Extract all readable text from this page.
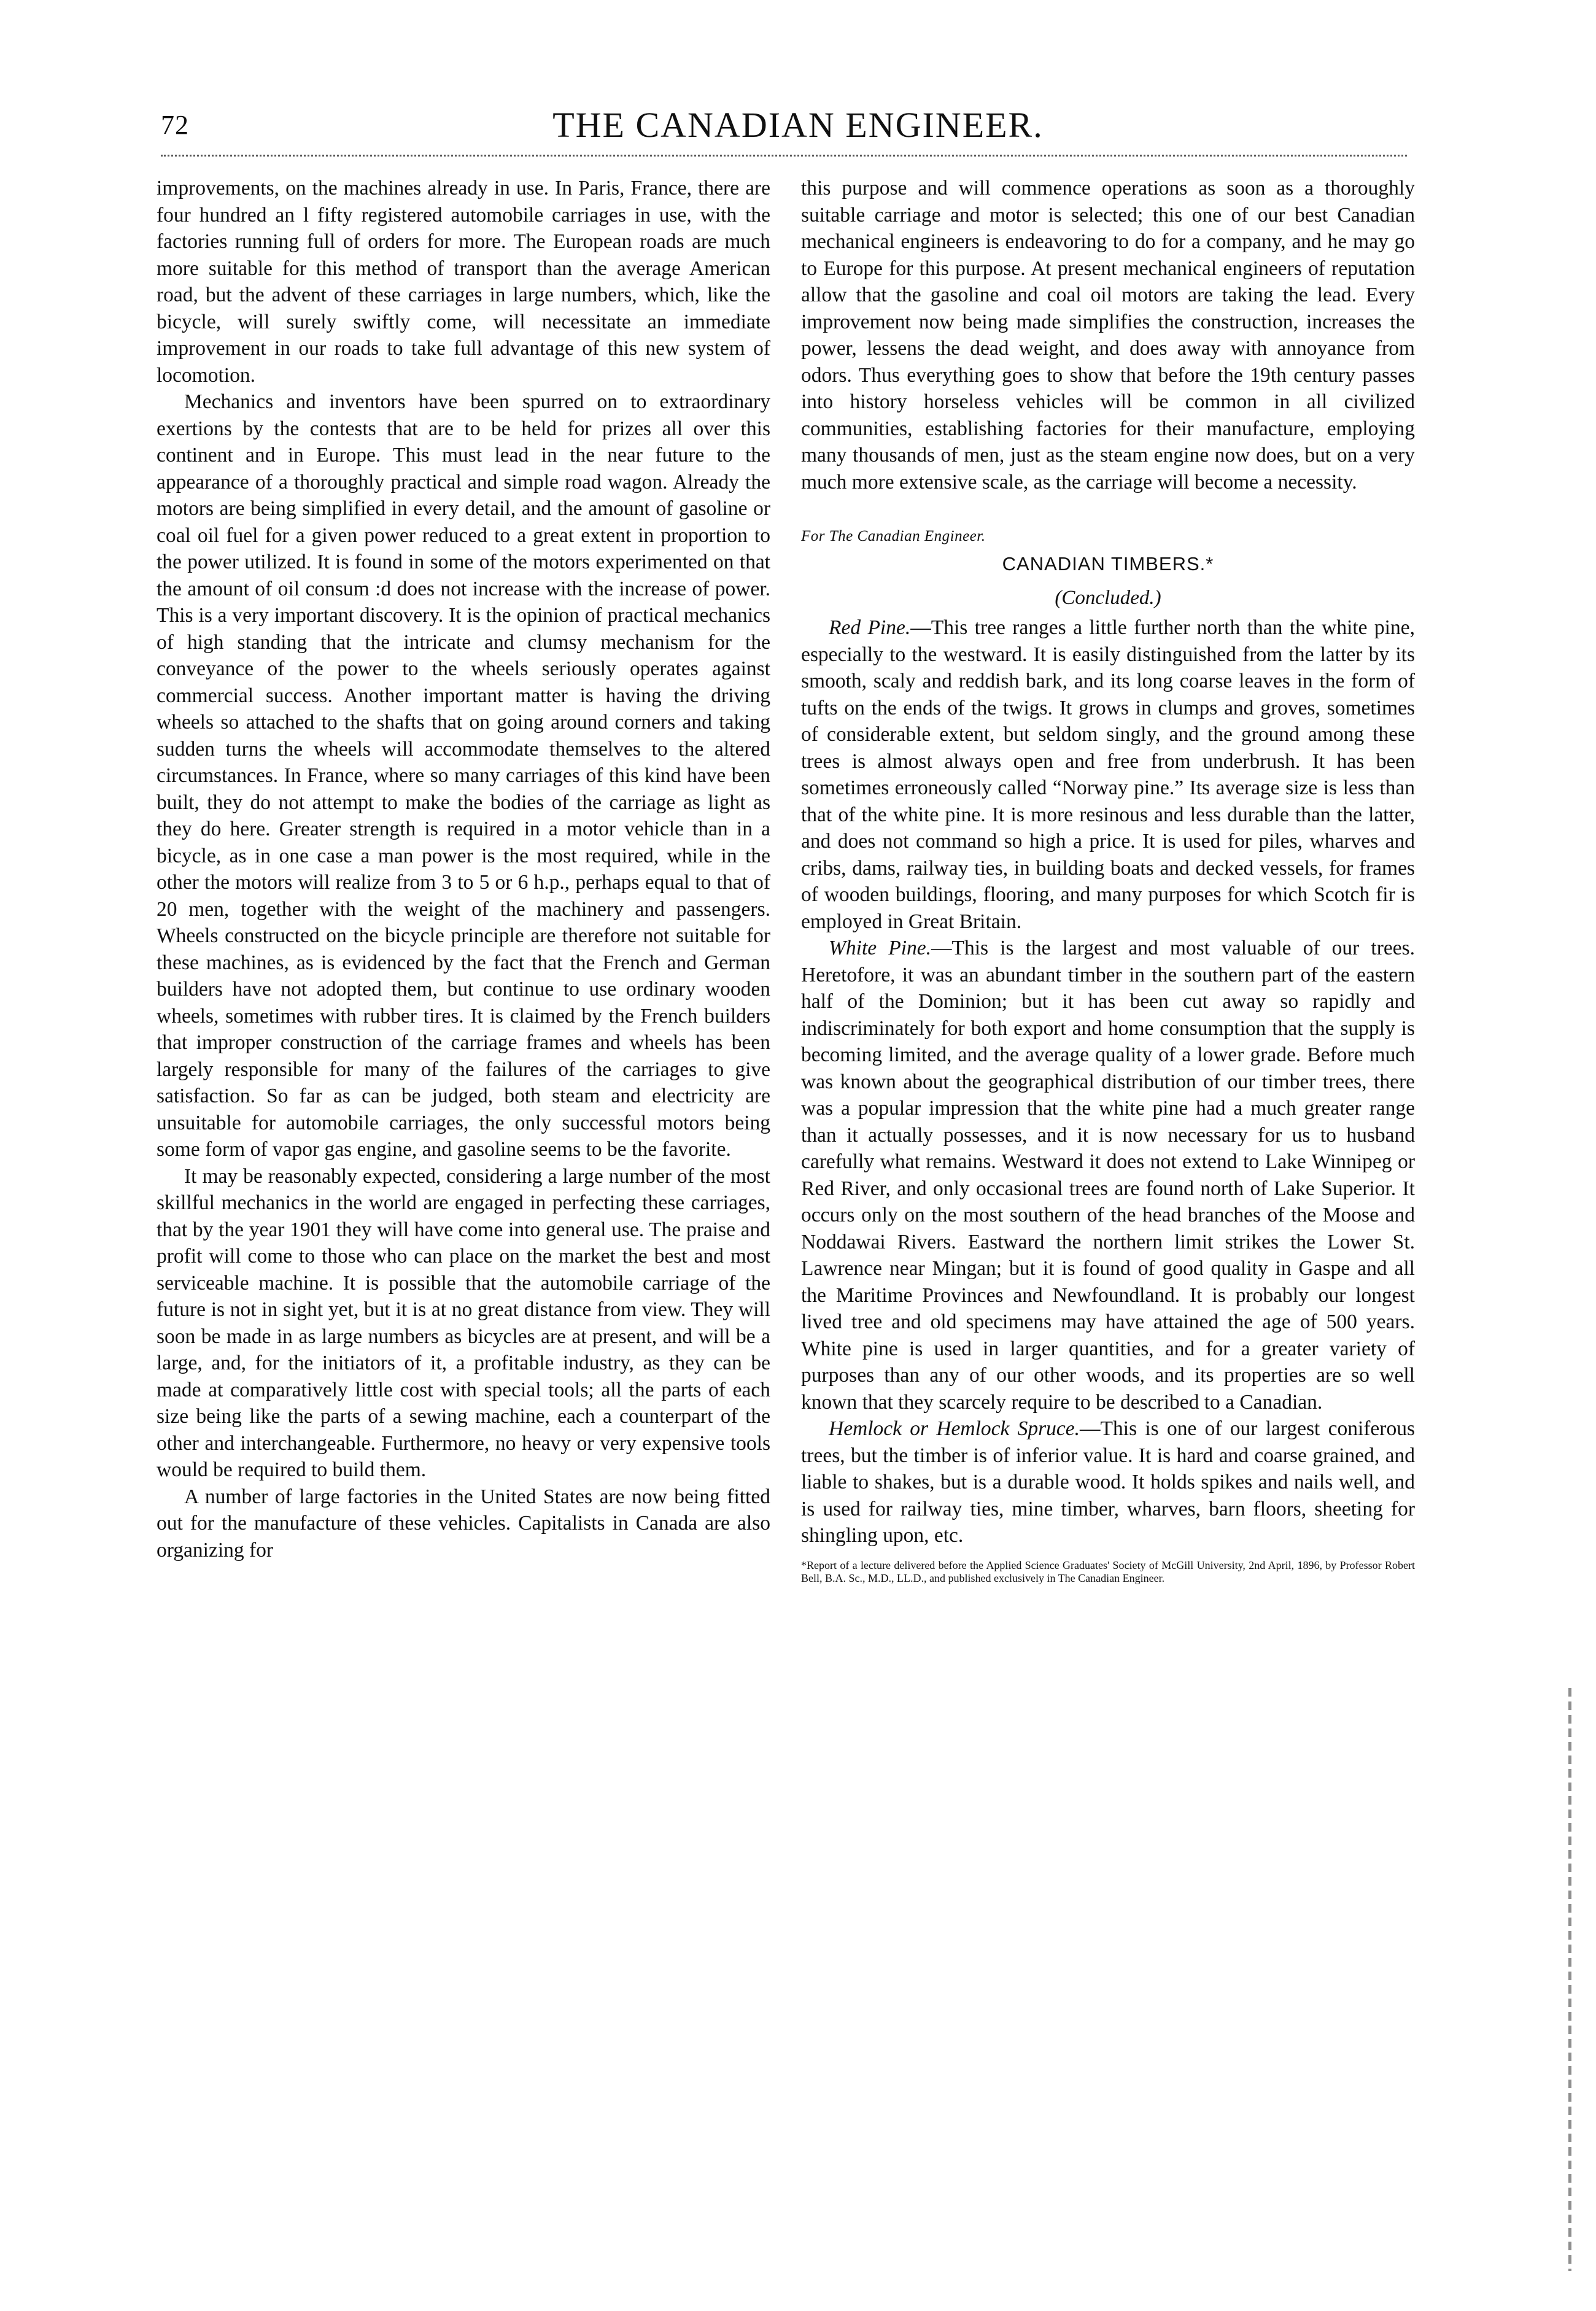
72	THE CANADIAN ENGINEER.

improvements, on the machines already in use. In Paris, France, there are four hundred an l fifty registered automobile carriages in use, with the factories running full of orders for more. The European roads are much more suitable for this method of transport than the average American road, but the advent of these carriages in large numbers, which, like the bicycle, will surely swiftly come, will necessitate an immediate improvement in our roads to take full advantage of this new system of locomotion.

Mechanics and inventors have been spurred on to extraordinary exertions by the contests that are to be held for prizes all over this continent and in Europe. This must lead in the near future to the appearance of a thoroughly practical and simple road wagon. Already the motors are being simplified in every detail, and the amount of gasoline or coal oil fuel for a given power reduced to a great extent in proportion to the power utilized. It is found in some of the motors experimented on that the amount of oil consum :d does not increase with the increase of power. This is a very important discovery. It is the opinion of practical mechanics of high standing that the intricate and clumsy mechanism for the conveyance of the power to the wheels seriously operates against commercial success. Another important matter is having the driving wheels so attached to the shafts that on going around corners and taking sudden turns the wheels will accommodate themselves to the altered circumstances. In France, where so many carriages of this kind have been built, they do not attempt to make the bodies of the carriage as light as they do here. Greater strength is required in a motor vehicle than in a bicycle, as in one case a man power is the most required, while in the other the motors will realize from 3 to 5 or 6 h.p., perhaps equal to that of 20 men, together with the weight of the machinery and passengers. Wheels constructed on the bicycle principle are therefore not suitable for these machines, as is evidenced by the fact that the French and German builders have not adopted them, but continue to use ordinary wooden wheels, sometimes with rubber tires. It is claimed by the French builders that improper construction of the carriage frames and wheels has been largely responsible for many of the failures of the carriages to give satisfaction. So far as can be judged, both steam and electricity are unsuitable for automobile carriages, the only successful motors being some form of vapor gas engine, and gasoline seems to be the favorite.

It may be reasonably expected, considering a large number of the most skillful mechanics in the world are engaged in perfecting these carriages, that by the year 1901 they will have come into general use. The praise and profit will come to those who can place on the market the best and most serviceable machine. It is possible that the automobile carriage of the future is not in sight yet, but it is at no great distance from view. They will soon be made in as large numbers as bicycles are at present, and will be a large, and, for the initiators of it, a profitable industry, as they can be made at comparatively little cost with special tools; all the parts of each size being like the parts of a sewing machine, each a counterpart of the other and interchangeable. Furthermore, no heavy or very expensive tools would be required to build them.

A number of large factories in the United States are now being fitted out for the manufacture of these vehicles. Capitalists in Canada are also organizing for

this purpose and will commence operations as soon as a thoroughly suitable carriage and motor is selected; this one of our best Canadian mechanical engineers is endeavoring to do for a company, and he may go to Europe for this purpose. At present mechanical engineers of reputation allow that the gasoline and coal oil motors are taking the lead. Every improvement now being made simplifies the construction, increases the power, lessens the dead weight, and does away with annoyance from odors. Thus everything goes to show that before the 19th century passes into history horseless vehicles will be common in all civilized communities, establishing factories for their manufacture, employing many thousands of men, just as the steam engine now does, but on a very much more extensive scale, as the carriage will become a necessity.

For The Canadian Engineer.

CANADIAN TIMBERS.*

(Concluded.)

Red Pine.—This tree ranges a little further north than the white pine, especially to the westward. It is easily distinguished from the latter by its smooth, scaly and reddish bark, and its long coarse leaves in the form of tufts on the ends of the twigs. It grows in clumps and groves, sometimes of considerable extent, but seldom singly, and the ground among these trees is almost always open and free from underbrush. It has been sometimes erroneously called “Norway pine.” Its average size is less than that of the white pine. It is more resinous and less durable than the latter, and does not command so high a price. It is used for piles, wharves and cribs, dams, railway ties, in building boats and decked vessels, for frames of wooden buildings, flooring, and many purposes for which Scotch fir is employed in Great Britain.

White Pine.—This is the largest and most valuable of our trees. Heretofore, it was an abundant timber in the southern part of the eastern half of the Dominion; but it has been cut away so rapidly and indiscriminately for both export and home consumption that the supply is becoming limited, and the average quality of a lower grade. Before much was known about the geographical distribution of our timber trees, there was a popular impression that the white pine had a much greater range than it actually possesses, and it is now necessary for us to husband carefully what remains. Westward it does not extend to Lake Winnipeg or Red River, and only occasional trees are found north of Lake Superior. It occurs only on the most southern of the head branches of the Moose and Noddawai Rivers. Eastward the northern limit strikes the Lower St. Lawrence near Mingan; but it is found of good quality in Gaspe and all the Maritime Provinces and Newfoundland. It is probably our longest lived tree and old specimens may have attained the age of 500 years. White pine is used in larger quantities, and for a greater variety of purposes than any of our other woods, and its properties are so well known that they scarcely require to be described to a Canadian.

Hemlock or Hemlock Spruce.—This is one of our largest coniferous trees, but the timber is of inferior value. It is hard and coarse grained, and liable to shakes, but is a durable wood. It holds spikes and nails well, and is used for railway ties, mine timber, wharves, barn floors, sheeting for shingling upon, etc.

*Report of a lecture delivered before the Applied Science Graduates' Society of McGill University, 2nd April, 1896, by Professor Robert Bell, B.A. Sc., M.D., LL.D., and published exclusively in The Canadian Engineer.
